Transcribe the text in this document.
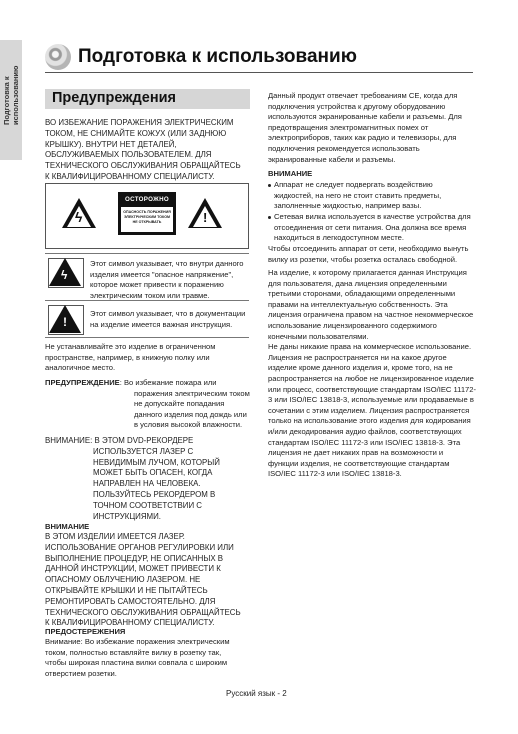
Подготовка к использованию
Подготовка к использованию
Предупреждения
ВО ИЗБЕЖАНИЕ ПОРАЖЕНИЯ ЭЛЕКТРИЧЕСКИМ
ТОКОМ, НЕ СНИМАЙТЕ КОЖУХ (ИЛИ ЗАДНЮЮ
КРЫШКУ). ВНУТРИ НЕТ ДЕТАЛЕЙ,
ОБСЛУЖИВАЕМЫХ ПОЛЬЗОВАТЕЛЕМ. ДЛЯ
ТЕХНИЧЕСКОГО ОБСЛУЖИВАНИЯ ОБРАЩАЙТЕСЬ
К КВАЛИФИЦИРОВАННОМУ СПЕЦИАЛИСТУ.
ϟ
ОСТОРОЖНО
ОПАСНОСТЬ ПОРАЖЕНИЯ
ЭЛЕКТРИЧЕСКИМ ТОКОМ
НЕ ОТКРЫВАТЬ	!
ϟ
Этот символ указывает, что внутри данного
изделия имеется "опасное напряжение",
которое может привести к поражению
электрическим током или травме.
!
Этот символ указывает, что в документации
на изделие имеется важная инструкция.
Не устанавливайте это изделие в ограниченном
пространстве, например, в книжную полку или
аналогичное место.
ПРЕДУПРЕЖДЕНИЕ: Во избежание пожара или
поражения электрическим током
не допускайте попадания
данного изделия под дождь или
в условия высокой влажности.
ВНИМАНИЕ: В ЭТОМ DVD-РЕКОРДЕРЕ
ИСПОЛЬЗУЕТСЯ ЛАЗЕР С
НЕВИДИМЫМ ЛУЧОМ, КОТОРЫЙ
МОЖЕТ БЫТЬ ОПАСЕН, КОГДА
НАПРАВЛЕН НА ЧЕЛОВЕКА.
ПОЛЬЗУЙТЕСЬ РЕКОРДЕРОМ В
ТОЧНОМ СООТВЕТСТВИИ С
ИНСТРУКЦИЯМИ.
ВНИМАНИЕ
В ЭТОМ ИЗДЕЛИИ ИМЕЕТСЯ ЛАЗЕР.
ИСПОЛЬЗОВАНИЕ ОРГАНОВ РЕГУЛИРОВКИ ИЛИ
ВЫПОЛНЕНИЕ ПРОЦЕДУР, НЕ ОПИСАННЫХ В
ДАННОЙ ИНСТРУКЦИИ, МОЖЕТ ПРИВЕСТИ К
ОПАСНОМУ ОБЛУЧЕНИЮ ЛАЗЕРОМ. НЕ
ОТКРЫВАЙТЕ КРЫШКИ И НЕ ПЫТАЙТЕСЬ
РЕМОНТИРОВАТЬ САМОСТОЯТЕЛЬНО. ДЛЯ
ТЕХНИЧЕСКОГО ОБСЛУЖИВАНИЯ ОБРАЩАЙТЕСЬ
К КВАЛИФИЦИРОВАННОМУ СПЕЦИАЛИСТУ.
ПРЕДОСТЕРЕЖЕНИЯ
Внимание: Во избежание поражения электрическим
током, полностью вставляйте вилку в розетку так,
чтобы широкая пластина вилки совпала с широким
отверстием розетки.
Данный продукт отвечает требованиям CE, когда для
подключения устройства к другому оборудованию
используются экранированные кабели и разъемы. Для
предотвращения электромагнитных помех от
электроприборов, таких как радио и телевизоры, для
подключения рекомендуется использовать
экранированные кабели и разъемы.
ВНИМАНИЕ
Аппарат не следует подвергать воздействию
жидкостей, на него не стоит ставить предметы,
заполненные жидкостью, например вазы.
Сетевая вилка используется в качестве устройства для
отсоединения от сети питания. Она должна все время
находиться в легкодоступном месте.
Чтобы отсоединить аппарат от сети, необходимо вынуть
вилку из розетки, чтобы розетка осталась свободной.
На изделие, к которому прилагается данная Инструкция
для пользователя, дана лицензия определенными
третьими сторонами, обладающими определенными
правами на интеллектуальную собственность. Эта
лицензия ограничена правом на частное некоммерческое
использование лицензированного содержимого
конечными пользователями.
Не даны никакие права на коммерческое использование.
Лицензия не распространяется ни на какое другое
изделие кроме данного изделия и, кроме того, на не
распространяется на любое не лицензированное изделие
или процесс, соответствующие стандартам ISO/IEC 11172-
3 или ISO/IEC 13818-3, используемые или продаваемые в
сочетании с этим изделием. Лицензия распространяется
только на использование этого изделия для кодирования
и/или декодирования аудио файлов, соответствующих
стандартам ISO/IEC 11172-3 или ISO/IEC 13818-3. Эта
лицензия не дает никаких прав на возможности и
функции изделия, не соответствующие стандартам
ISO/IEC 11172-3 или ISO/IEC 13818-3.
Русский язык - 2
